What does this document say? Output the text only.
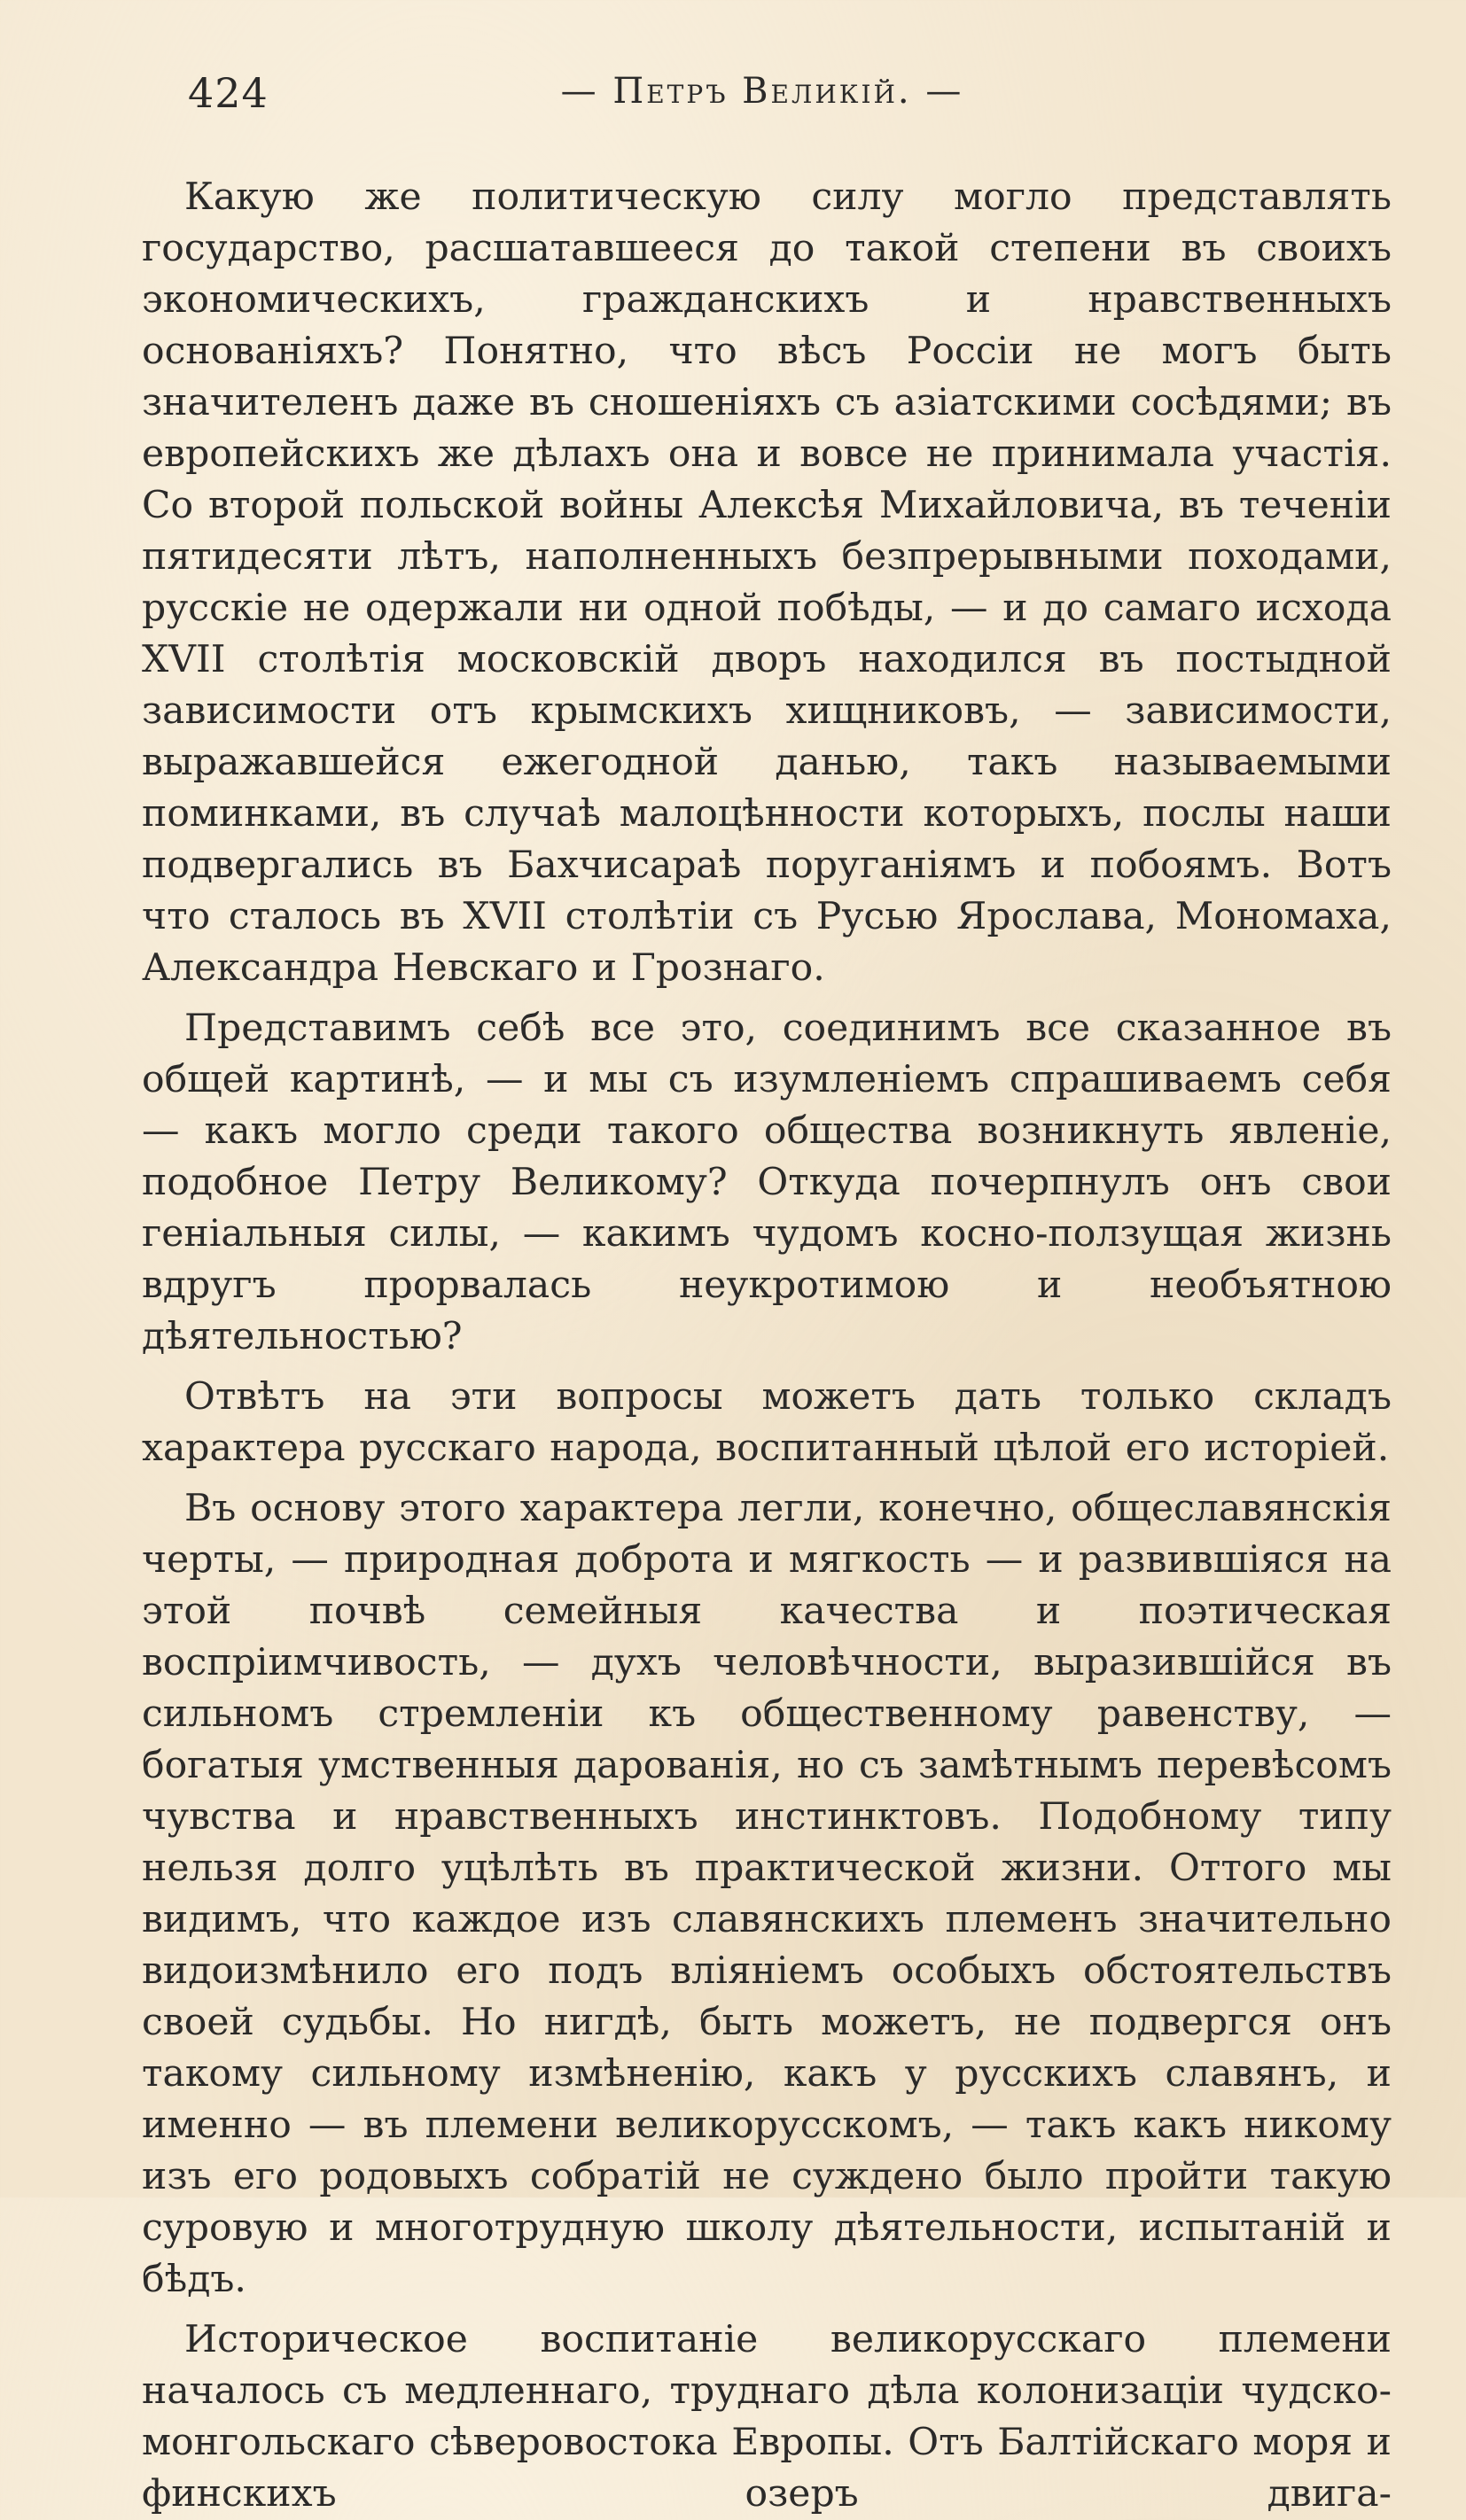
424	— Петръ Великій. —

Какую же политическую силу могло представлять государство, расшатавшееся до такой степени въ своихъ экономическихъ, гражданскихъ и нравственныхъ основаніяхъ? Понятно, что вѣсъ Россіи не могъ быть значителенъ даже въ сношеніяхъ съ азіатскими сосѣдями; въ европейскихъ же дѣлахъ она и вовсе не принимала участія. Со второй польской войны Алексѣя Михайловича, въ теченіи пятидесяти лѣтъ, наполненныхъ безпрерывными походами, русскіе не одержали ни одной побѣды, — и до самаго исхода XVII столѣтія московскій дворъ находился въ постыдной зависимости отъ крымскихъ хищниковъ, — зависимости, выражавшейся ежегодной данью, такъ называемыми поминками, въ случаѣ малоцѣнности которыхъ, послы наши подвергались въ Бахчисараѣ поруганіямъ и побоямъ. Вотъ что сталось въ XVII столѣтіи съ Русью Ярослава, Мономаха, Александра Невскаго и Грознаго.

Представимъ себѣ все это, соединимъ все сказанное въ общей картинѣ, — и мы съ изумленіемъ спрашиваемъ себя — какъ могло среди такого общества возникнуть явленіе, подобное Петру Великому? Откуда почерпнулъ онъ свои геніальныя силы, — какимъ чудомъ косно-ползущая жизнь вдругъ прорвалась неукротимою и необъятною дѣятельностью?

Отвѣтъ на эти вопросы можетъ дать только складъ характера русскаго народа, воспитанный цѣлой его исторіей.

Въ основу этого характера легли, конечно, общеславянскія черты, — природная доброта и мягкость — и развившіяся на этой почвѣ семейныя качества и поэтическая воспріимчивость, — духъ человѣчности, выразившійся въ сильномъ стремленіи къ общественному равенству, — богатыя умственныя дарованія, но съ замѣтнымъ перевѣсомъ чувства и нравственныхъ инстинктовъ. Подобному типу нельзя долго уцѣлѣть въ практической жизни. Оттого мы видимъ, что каждое изъ славянскихъ племенъ значительно видоизмѣнило его подъ вліяніемъ особыхъ обстоятельствъ своей судьбы. Но нигдѣ, быть можетъ, не подвергся онъ такому сильному измѣненію, какъ у русскихъ славянъ, и именно — въ племени великорусскомъ, — такъ какъ никому изъ его родовыхъ собратій не суждено было пройти такую суровую и многотрудную школу дѣятельности, испытаній и бѣдъ.

Историческое воспитаніе великорусскаго племени началось съ медленнаго, труднаго дѣла колонизаціи чудско-монгольскаго сѣверовостока Европы. Отъ Балтійскаго моря и финскихъ озеръ двига-
